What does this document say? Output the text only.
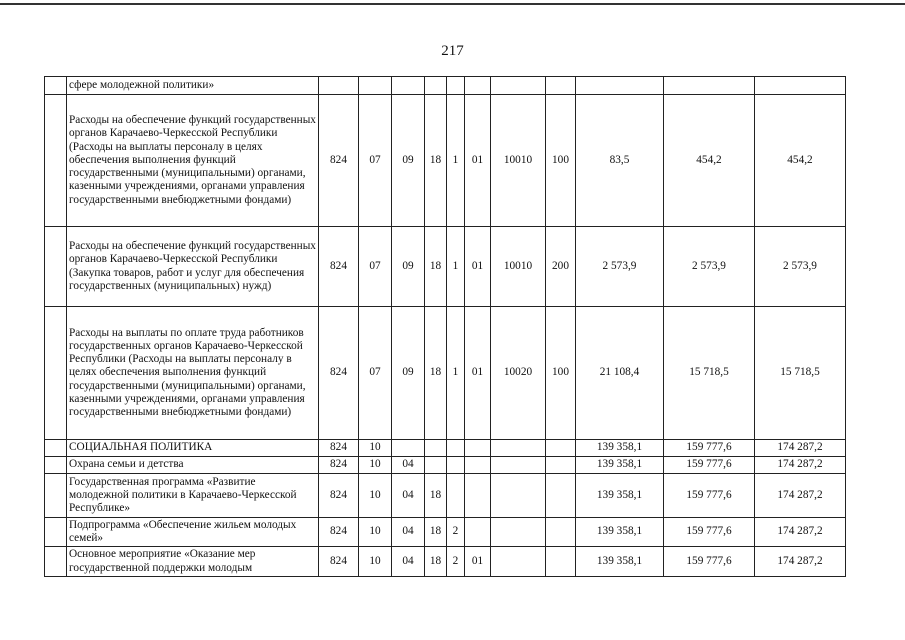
217
	сфере молодежной политики»											
	Расходы на обеспечение функций государственных органов Карачаево-Черкесской Республики (Расходы на выплаты персоналу в целях обеспечения выполнения функций государственными (муниципальными) органами, казенными учреждениями, органами управления государственными внебюджетными фондами)	824	07	09	18	1	01	10010	100	83,5	454,2	454,2
	Расходы на обеспечение функций государственных органов Карачаево-Черкесской Республики (Закупка товаров, работ и услуг для обеспечения государственных (муниципальных) нужд)	824	07	09	18	1	01	10010	200	2 573,9	2 573,9	2 573,9
	Расходы на выплаты по оплате труда работников государственных органов Карачаево-Черкесской Республики (Расходы на выплаты персоналу в целях обеспечения выполнения функций государственными (муниципальными) органами, казенными учреждениями, органами управления государственными внебюджетными фондами)	824	07	09	18	1	01	10020	100	21 108,4	15 718,5	15 718,5
	СОЦИАЛЬНАЯ ПОЛИТИКА	824	10							139 358,1	159 777,6	174 287,2
	Охрана семьи и детства	824	10	04						139 358,1	159 777,6	174 287,2
	Государственная программа «Развитие молодежной политики в Карачаево-Черкесской Республике»	824	10	04	18					139 358,1	159 777,6	174 287,2
	Подпрограмма «Обеспечение жильем молодых семей»	824	10	04	18	2				139 358,1	159 777,6	174 287,2
	Основное мероприятие «Оказание мер государственной поддержки молодым	824	10	04	18	2	01			139 358,1	159 777,6	174 287,2
